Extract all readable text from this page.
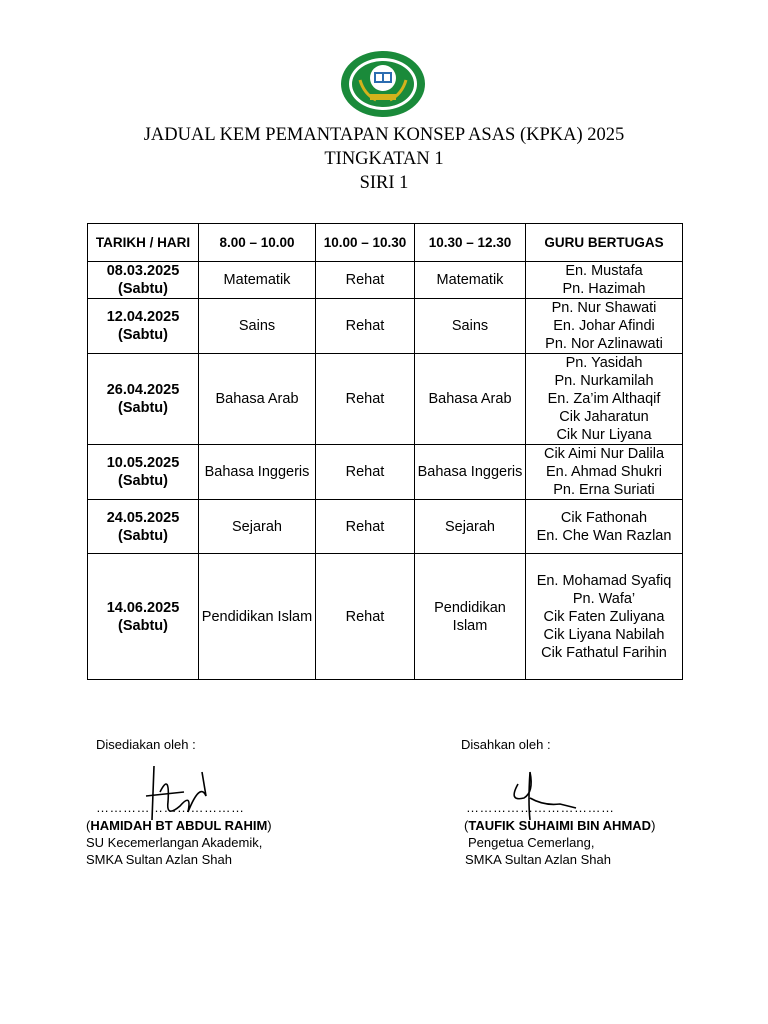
JADUAL KEM PEMANTAPAN KONSEP ASAS (KPKA) 2025
TINGKATAN 1
SIRI 1
TARIKH / HARI	8.00 – 10.00	10.00 – 10.30	10.30 – 12.30	GURU BERTUGAS

08.03.2025
(Sabtu)	Matematik	Rehat	Matematik	En. Mustafa
Pn. Hazimah

12.04.2025
(Sabtu)	Sains	Rehat	Sains	Pn. Nur Shawati
En. Johar Afindi
Pn. Nor Azlinawati

26.04.2025
(Sabtu)	Bahasa Arab	Rehat	Bahasa Arab	Pn. Yasidah
Pn. Nurkamilah
En. Za’im Althaqif
Cik Jaharatun
Cik Nur Liyana

10.05.2025
(Sabtu)	Bahasa Inggeris	Rehat	Bahasa Inggeris	Cik Aimi Nur Dalila
En. Ahmad Shukri
Pn. Erna Suriati

24.05.2025
(Sabtu)	Sejarah	Rehat	Sejarah	Cik Fathonah
En. Che Wan Razlan

14.06.2025
(Sabtu)	Pendidikan Islam	Rehat	Pendidikan Islam	En. Mohamad Syafiq
Pn. Wafa’
Cik Faten Zuliyana
Cik Liyana Nabilah
Cik Fathatul Farihin
Disediakan oleh :
……………………………
(HAMIDAH BT ABDUL RAHIM)
SU Kecemerlangan Akademik,
SMKA Sultan Azlan Shah
Disahkan oleh :
……………………………
(TAUFIK SUHAIMI BIN AHMAD)
Pengetua Cemerlang,
SMKA Sultan Azlan Shah
